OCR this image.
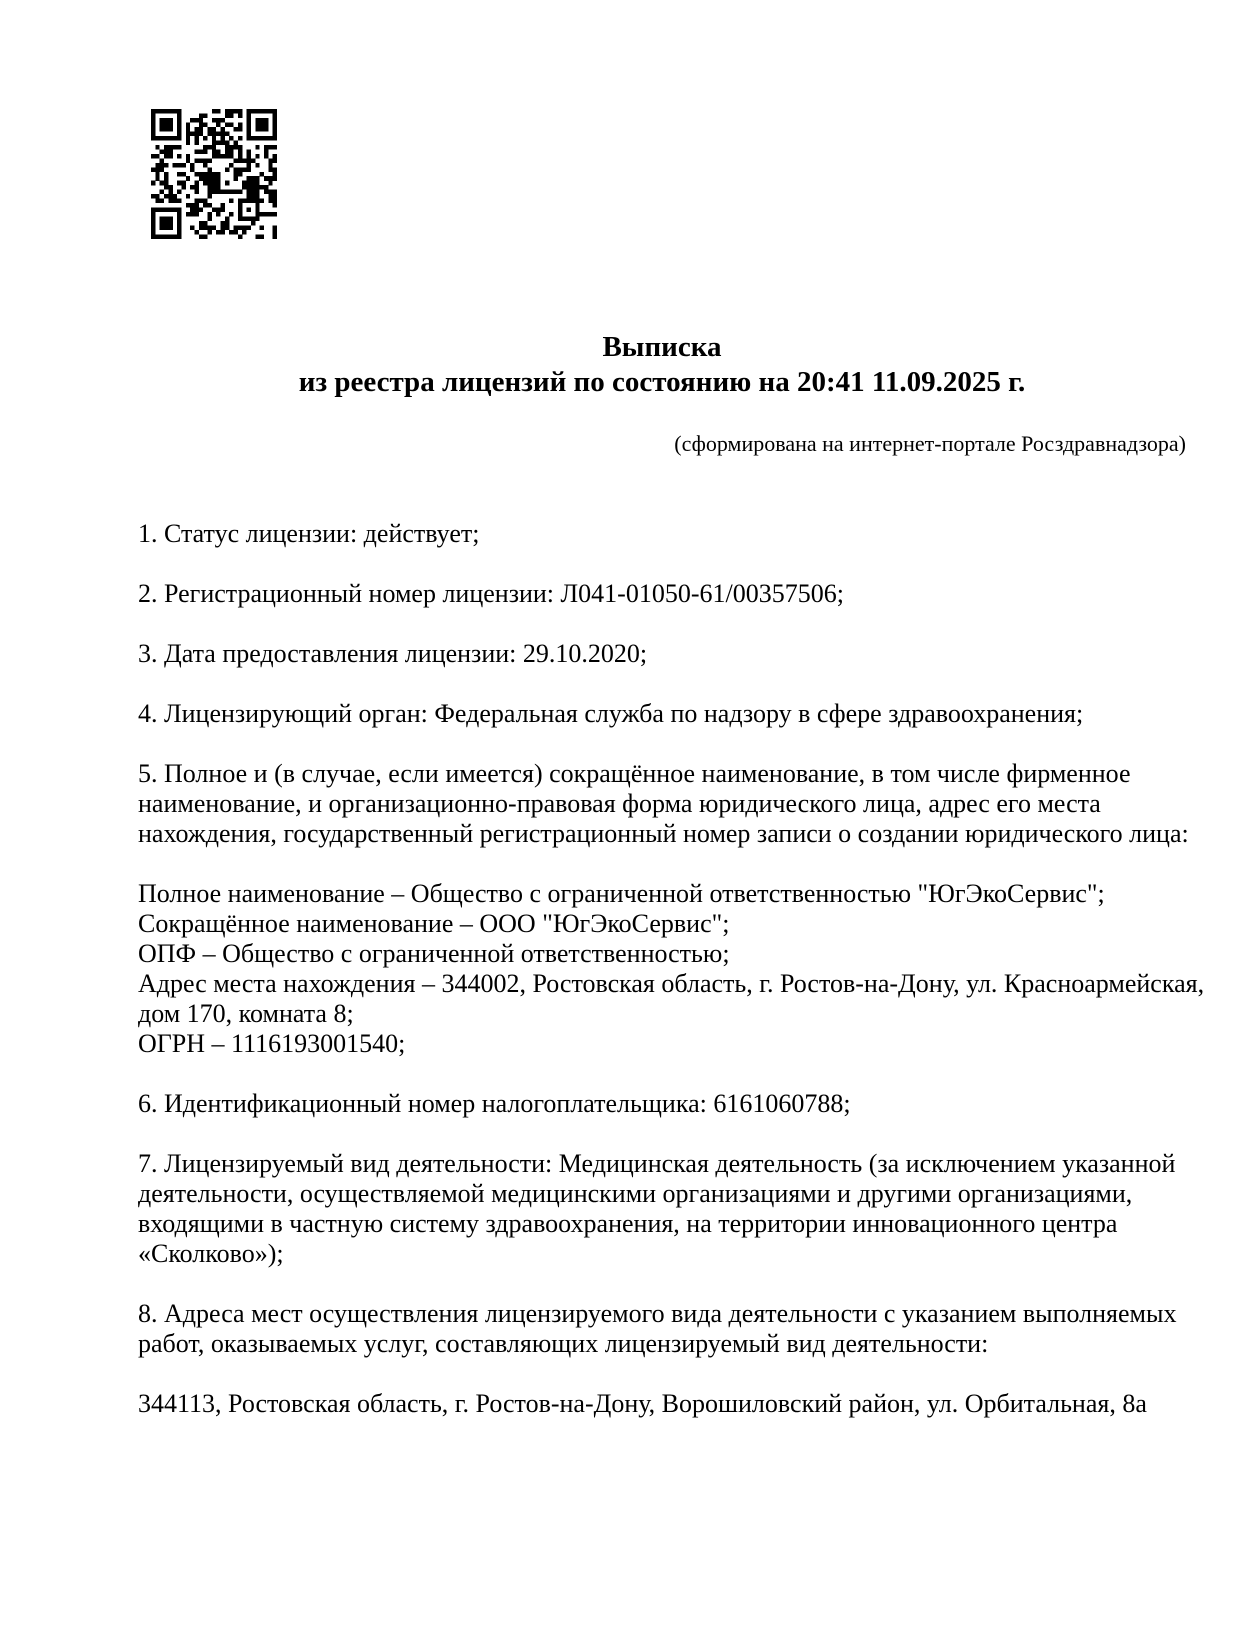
Выписка
из реестра лицензий по состоянию на 20:41 11.09.2025 г.
(сформирована на интернет-портале Росздравнадзора)
1. Статус лицензии: действует;
2. Регистрационный номер лицензии: Л041-01050-61/00357506;
3. Дата предоставления лицензии: 29.10.2020;
4. Лицензирующий орган: Федеральная служба по надзору в сфере здравоохранения;
5. Полное и (в случае, если имеется) сокращённое наименование, в том числе фирменное
наименование, и организационно-правовая форма юридического лица, адрес его места
нахождения, государственный регистрационный номер записи о создании юридического лица:
Полное наименование – Общество с ограниченной ответственностью "ЮгЭкоСервис";
Сокращённое наименование – ООО "ЮгЭкоСервис";
ОПФ – Общество с ограниченной ответственностью;
Адрес места нахождения – 344002, Ростовская область, г. Ростов-на-Дону, ул. Красноармейская,
дом 170, комната 8;
ОГРН – 1116193001540;
6. Идентификационный номер налогоплательщика: 6161060788;
7. Лицензируемый вид деятельности: Медицинская деятельность (за исключением указанной
деятельности, осуществляемой медицинскими организациями и другими организациями,
входящими в частную систему здравоохранения, на территории инновационного центра
«Сколково»);
8. Адреса мест осуществления лицензируемого вида деятельности с указанием выполняемых
работ, оказываемых услуг, составляющих лицензируемый вид деятельности:
344113, Ростовская область, г. Ростов-на-Дону, Ворошиловский район, ул. Орбитальная, 8а
